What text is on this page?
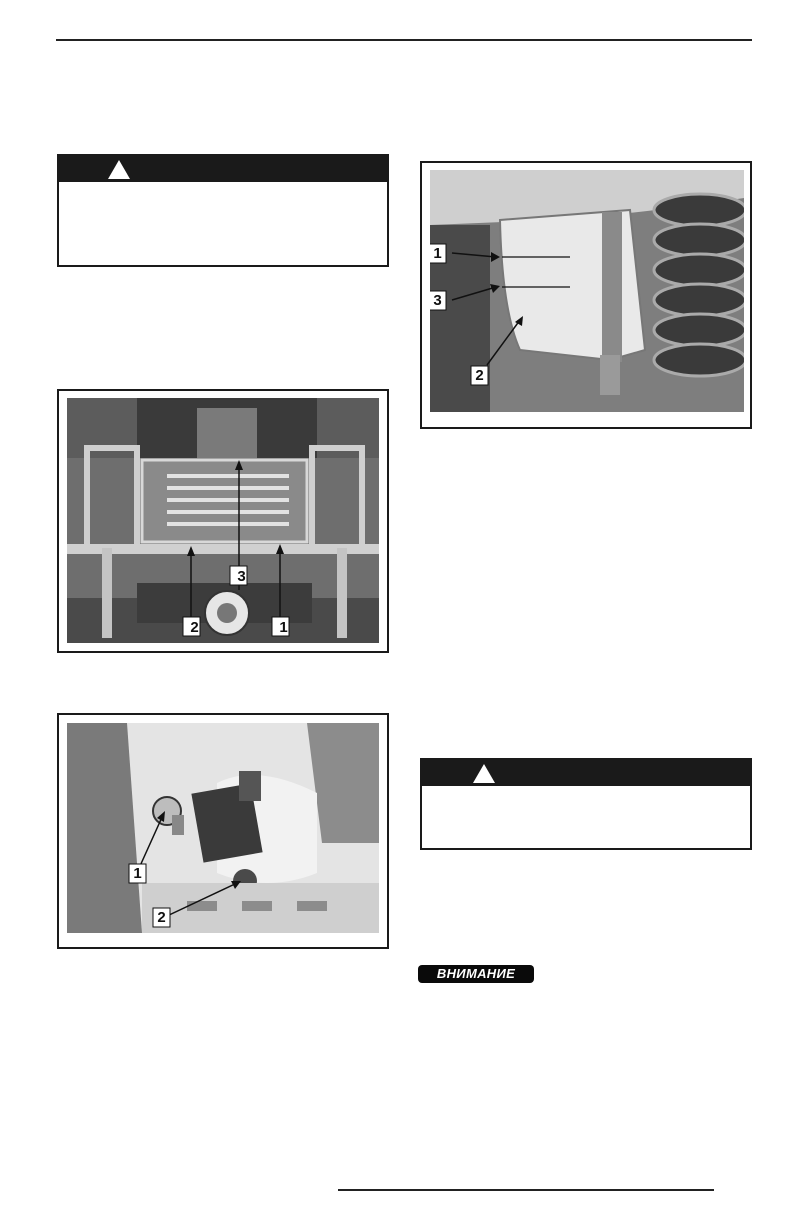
3
2	1
1
2
1
3
2
ВНИМАНИЕ
